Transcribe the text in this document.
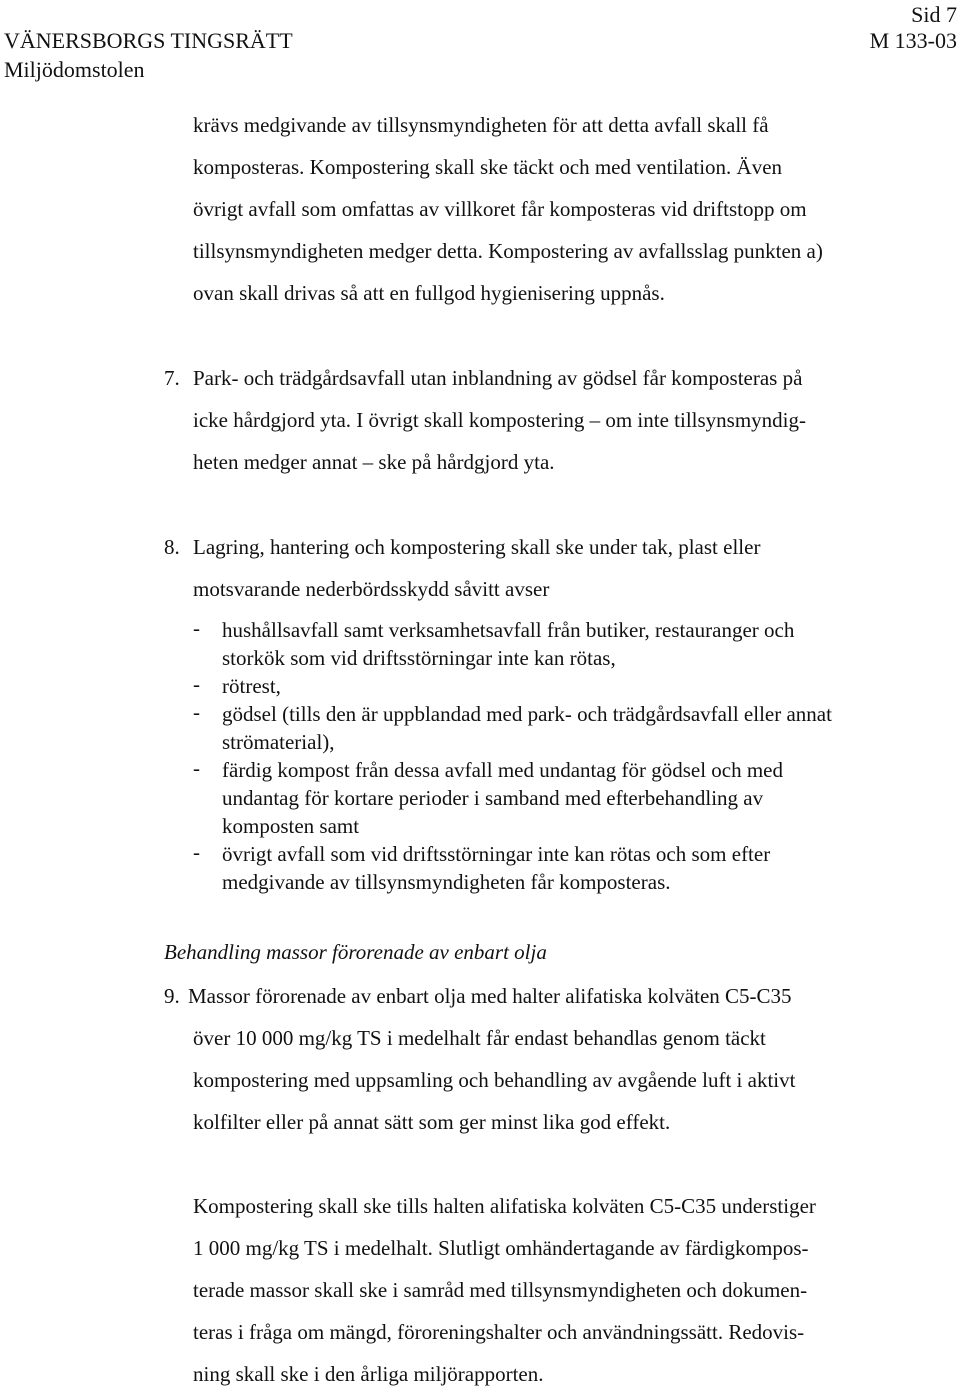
Sid 7
VÄNERSBORGS TINGSRÄTT	M 133-03
Miljödomstolen
krävs medgivande av tillsynsmyndigheten för att detta avfall skall få
komposteras. Kompostering skall ske täckt och med ventilation. Även
övrigt avfall som omfattas av villkoret får komposteras vid driftstopp om
tillsynsmyndigheten medger detta. Kompostering av avfallsslag punkten a)
ovan skall drivas så att en fullgod hygienisering uppnås.
7. Park- och trädgårdsavfall utan inblandning av gödsel får komposteras på
icke hårdgjord yta. I övrigt skall kompostering – om inte tillsynsmyndig-
heten medger annat – ske på hårdgjord yta.
8. Lagring, hantering och kompostering skall ske under tak, plast eller
motsvarande nederbördsskydd såvitt avser
- hushållsavfall samt verksamhetsavfall från butiker, restauranger och
storkök som vid driftsstörningar inte kan rötas,
- rötrest,
- gödsel (tills den är uppblandad med park- och trädgårdsavfall eller annat
strömaterial),
- färdig kompost från dessa avfall med undantag för gödsel och med
undantag för kortare perioder i samband med efterbehandling av
komposten samt
- övrigt avfall som vid driftsstörningar inte kan rötas och som efter
medgivande av tillsynsmyndigheten får komposteras.
Behandling massor förorenade av enbart olja
9. Massor förorenade av enbart olja med halter alifatiska kolväten C5-C35
över 10 000 mg/kg TS i medelhalt får endast behandlas genom täckt
kompostering med uppsamling och behandling av avgående luft i aktivt
kolfilter eller på annat sätt som ger minst lika god effekt.
Kompostering skall ske tills halten alifatiska kolväten C5-C35 understiger
1 000 mg/kg TS i medelhalt. Slutligt omhändertagande av färdigkompos-
terade massor skall ske i samråd med tillsynsmyndigheten och dokumen-
teras i fråga om mängd, föroreningshalter och användningssätt. Redovis-
ning skall ske i den årliga miljörapporten.
